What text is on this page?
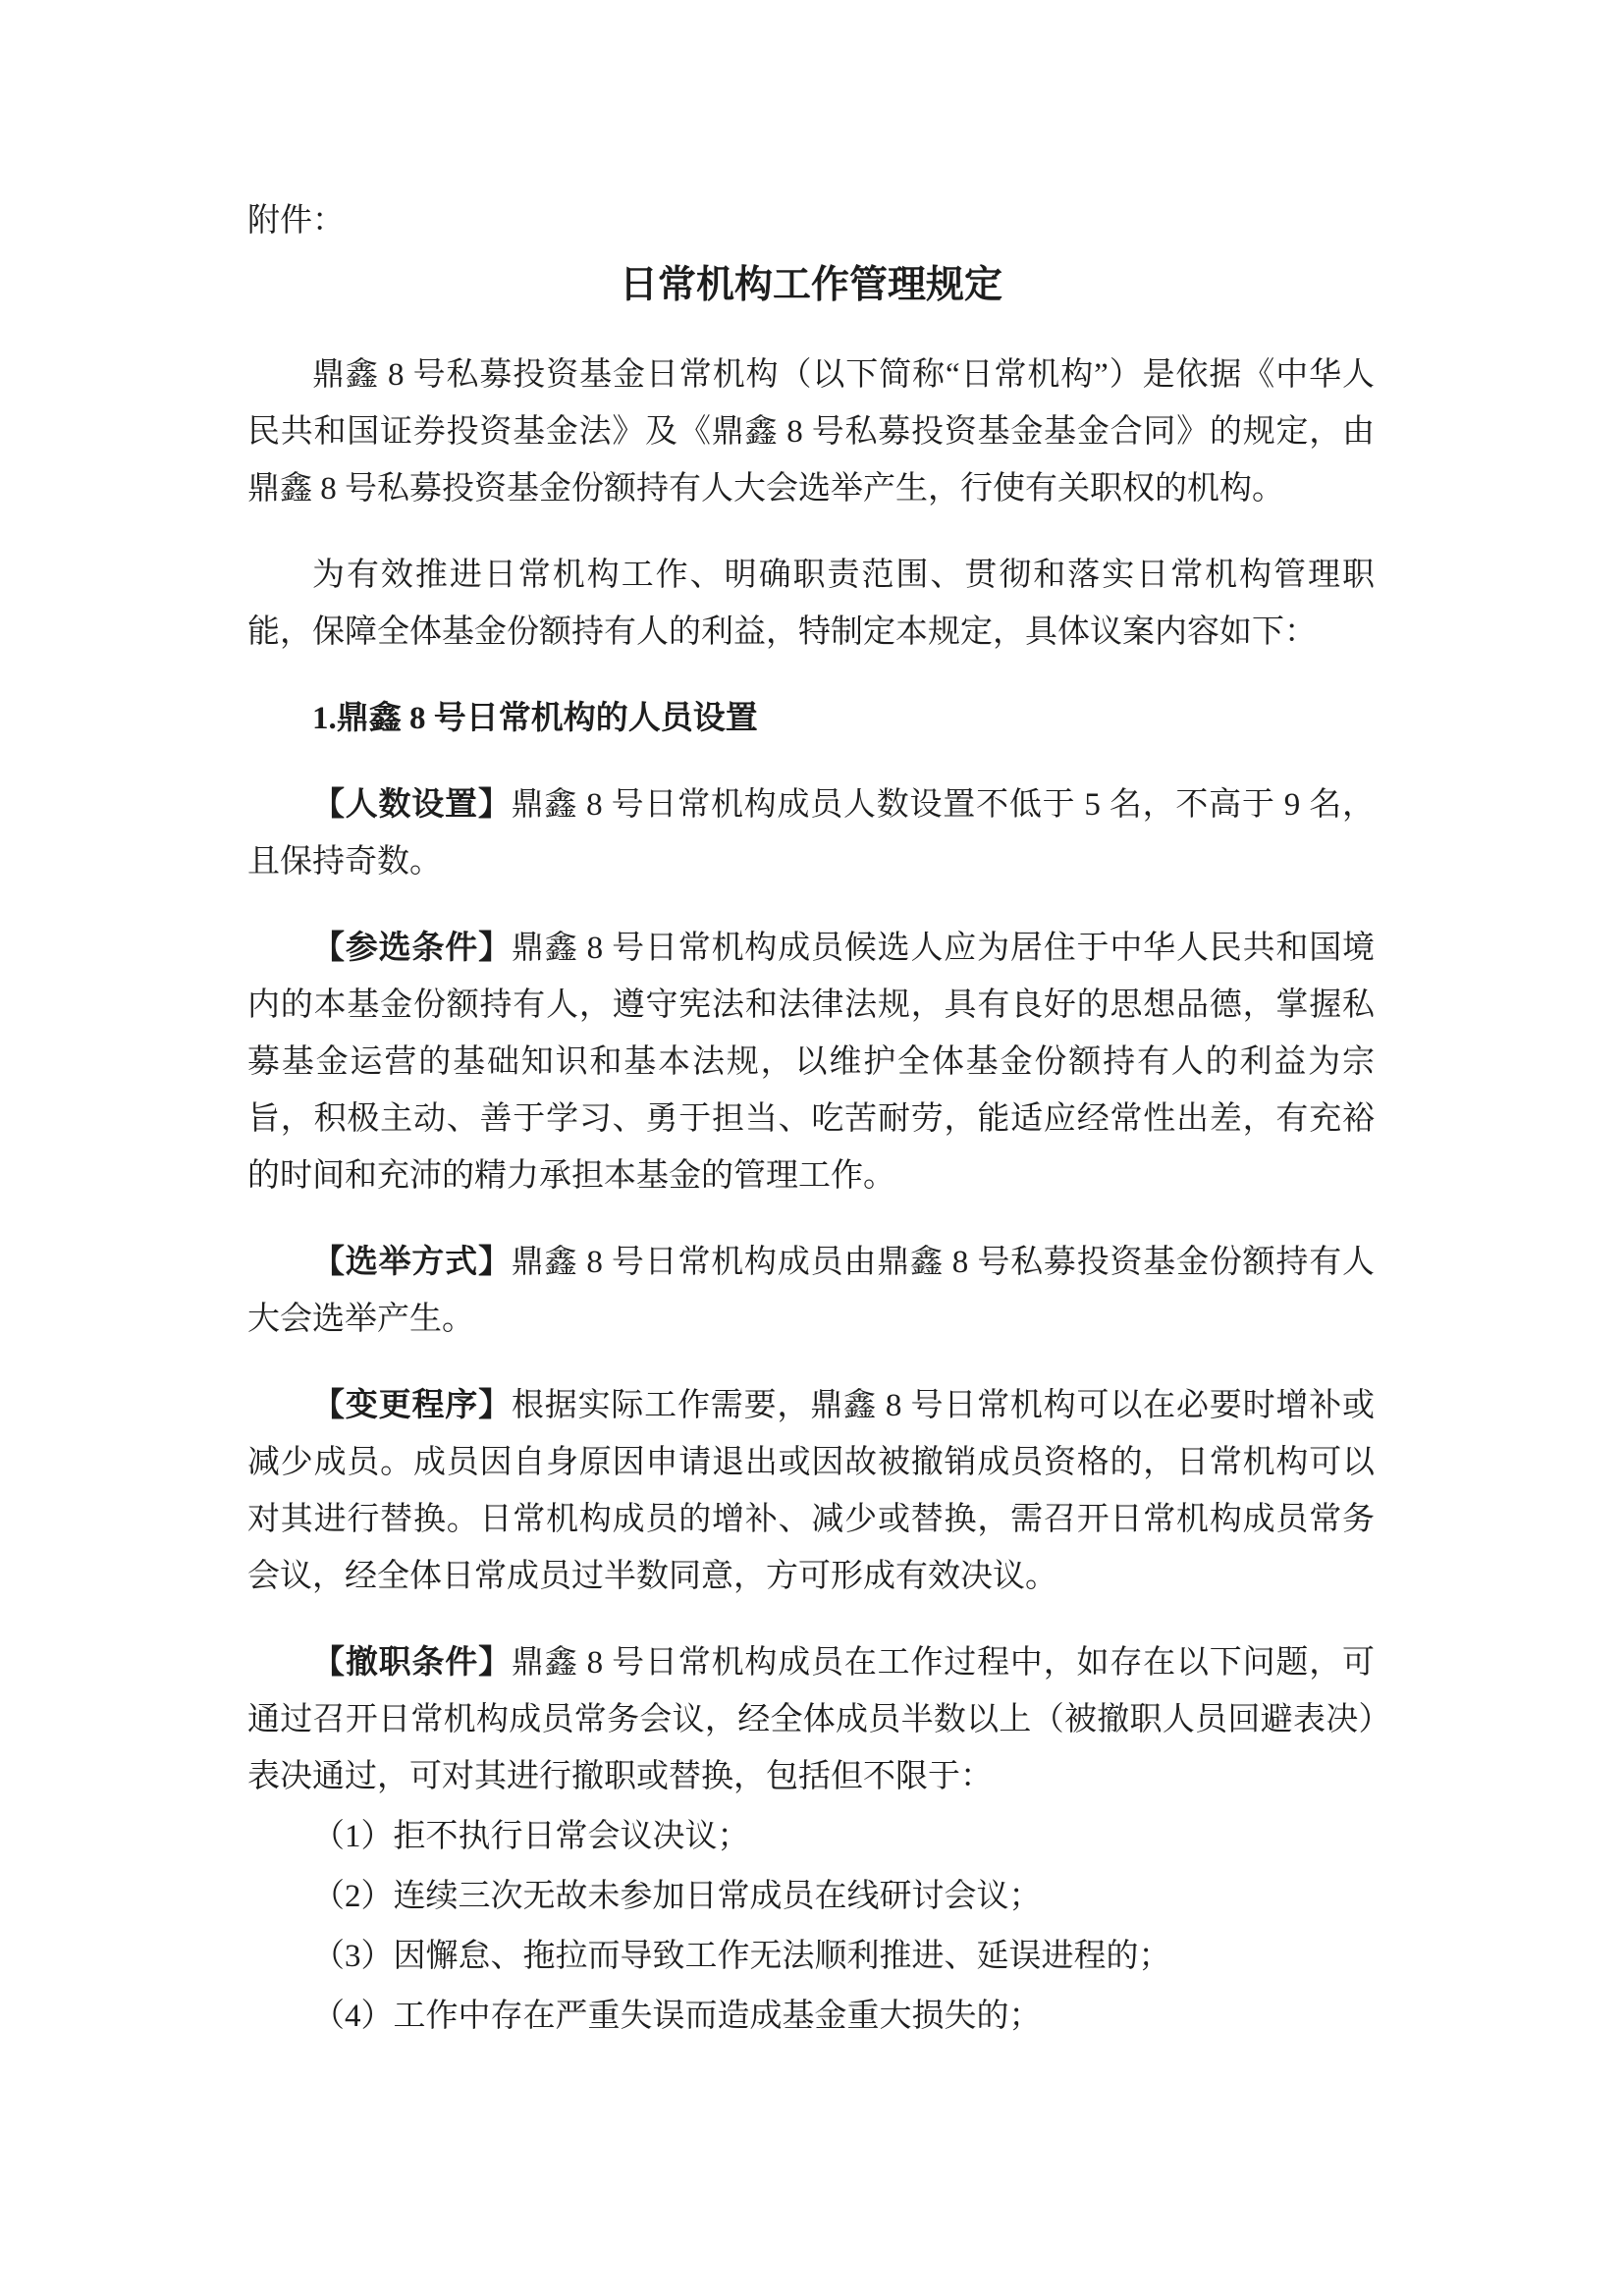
附件：
日常机构工作管理规定

鼎鑫 8 号私募投资基金日常机构（以下简称“日常机构”）是依据《中华人民共和国证券投资基金法》及《鼎鑫 8 号私募投资基金基金合同》的规定，由鼎鑫 8 号私募投资基金份额持有人大会选举产生，行使有关职权的机构。

为有效推进日常机构工作、明确职责范围、贯彻和落实日常机构管理职能，保障全体基金份额持有人的利益，特制定本规定，具体议案内容如下：

1.鼎鑫 8 号日常机构的人员设置

【人数设置】鼎鑫 8 号日常机构成员人数设置不低于 5 名，不高于 9 名，且保持奇数。

【参选条件】鼎鑫 8 号日常机构成员候选人应为居住于中华人民共和国境内的本基金份额持有人，遵守宪法和法律法规，具有良好的思想品德，掌握私募基金运营的基础知识和基本法规，以维护全体基金份额持有人的利益为宗旨，积极主动、善于学习、勇于担当、吃苦耐劳，能适应经常性出差，有充裕的时间和充沛的精力承担本基金的管理工作。

【选举方式】鼎鑫 8 号日常机构成员由鼎鑫 8 号私募投资基金份额持有人大会选举产生。

【变更程序】根据实际工作需要，鼎鑫 8 号日常机构可以在必要时增补或减少成员。成员因自身原因申请退出或因故被撤销成员资格的，日常机构可以对其进行替换。日常机构成员的增补、减少或替换，需召开日常机构成员常务会议，经全体日常成员过半数同意，方可形成有效决议。

【撤职条件】鼎鑫 8 号日常机构成员在工作过程中，如存在以下问题，可通过召开日常机构成员常务会议，经全体成员半数以上（被撤职人员回避表决）表决通过，可对其进行撤职或替换，包括但不限于：

（1）拒不执行日常会议决议；

（2）连续三次无故未参加日常成员在线研讨会议；

（3）因懈怠、拖拉而导致工作无法顺利推进、延误进程的；

（4）工作中存在严重失误而造成基金重大损失的；
